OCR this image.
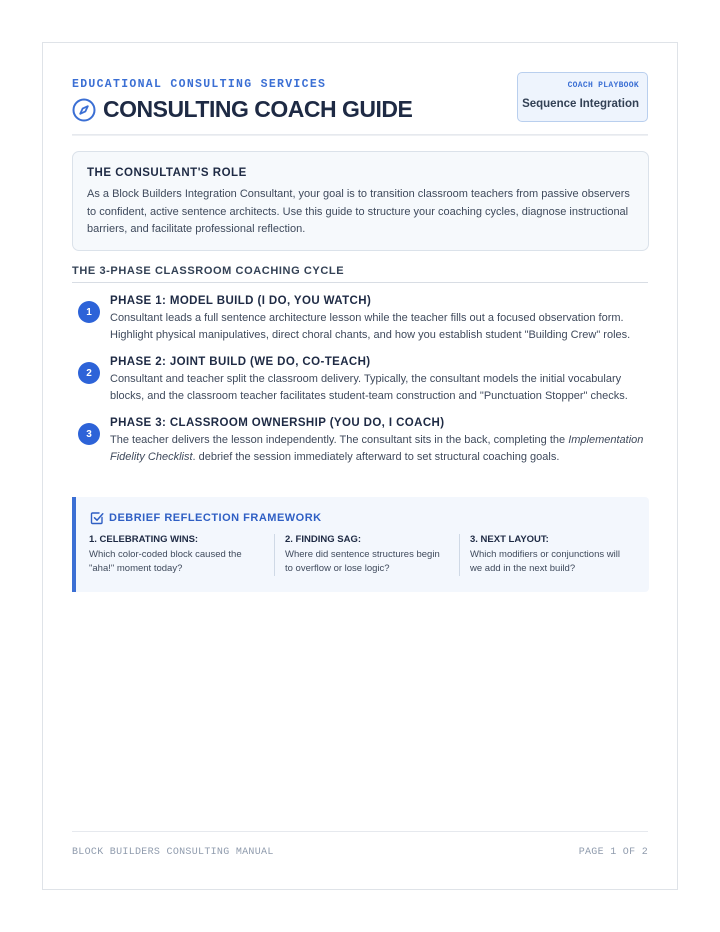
EDUCATIONAL CONSULTING SERVICES
CONSULTING COACH GUIDE
COACH PLAYBOOK
Sequence Integration
THE CONSULTANT'S ROLE
As a Block Builders Integration Consultant, your goal is to transition classroom teachers from passive observers to confident, active sentence architects. Use this guide to structure your coaching cycles, diagnose instructional barriers, and facilitate professional reflection.
THE 3-PHASE CLASSROOM COACHING CYCLE
1
PHASE 1: MODEL BUILD (I DO, YOU WATCH)
Consultant leads a full sentence architecture lesson while the teacher fills out a focused observation form. Highlight physical manipulatives, direct choral chants, and how you establish student "Building Crew" roles.
2
PHASE 2: JOINT BUILD (WE DO, CO-TEACH)
Consultant and teacher split the classroom delivery. Typically, the consultant models the initial vocabulary blocks, and the classroom teacher facilitates student-team construction and "Punctuation Stopper" checks.
3
PHASE 3: CLASSROOM OWNERSHIP (YOU DO, I COACH)
The teacher delivers the lesson independently. The consultant sits in the back, completing the Implementation Fidelity Checklist. debrief the session immediately afterward to set structural coaching goals.
DEBRIEF REFLECTION FRAMEWORK
1. CELEBRATING WINS:
Which color-coded block caused the "aha!" moment today?
2. FINDING SAG:
Where did sentence structures begin to overflow or lose logic?
3. NEXT LAYOUT:
Which modifiers or conjunctions will we add in the next build?
BLOCK BUILDERS CONSULTING MANUAL	PAGE 1 OF 2
